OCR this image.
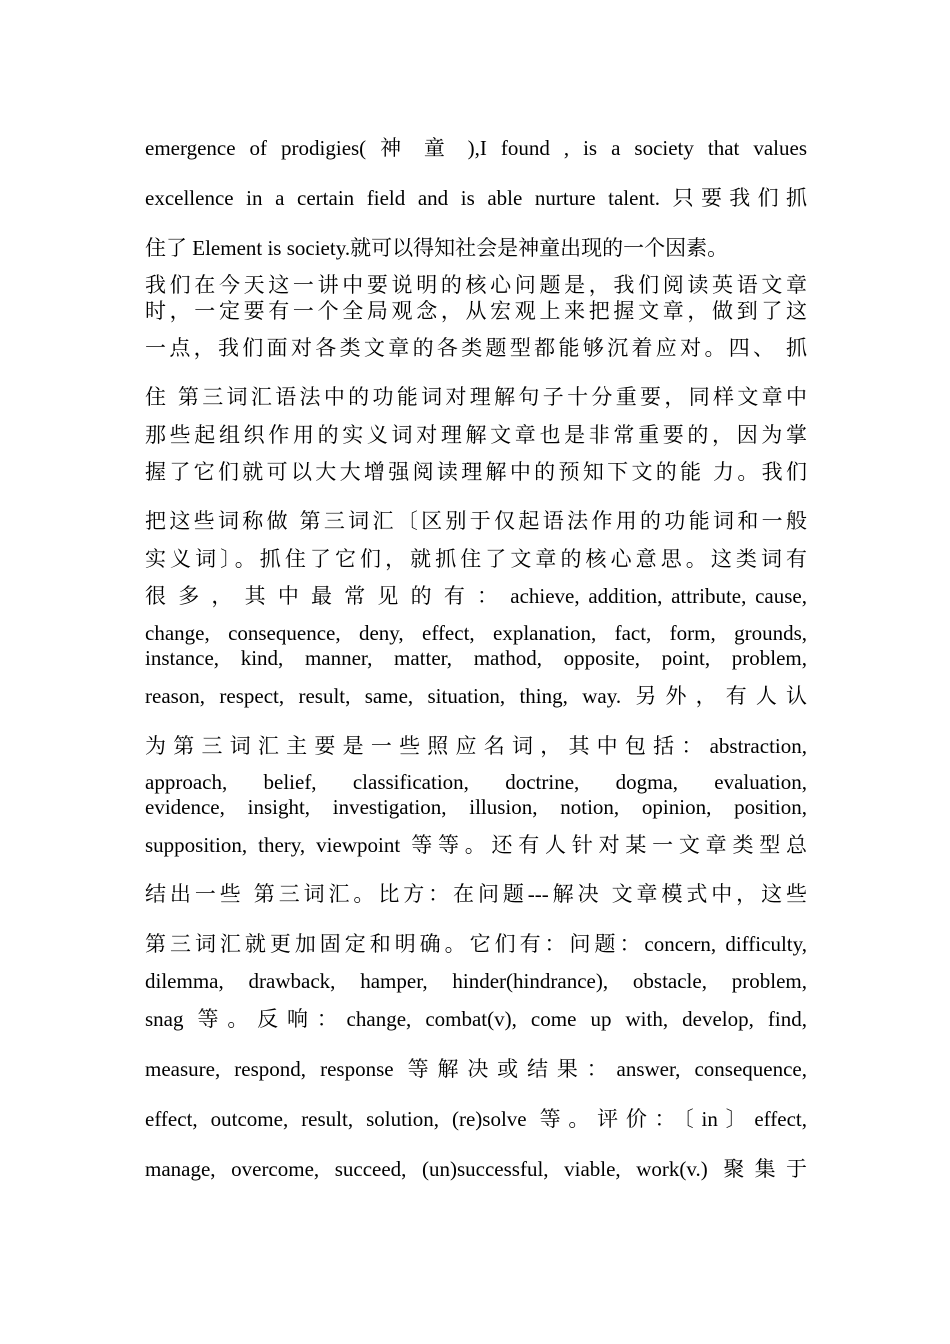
emergence of prodigies( 神 童 ),I found , is a society that values
excellence in a certain field and is able nurture talent. 只要我们抓
住了 Element is society.就可以得知社会是神童出现的一个因素。
我们在今天这一讲中要说明的核心问题是，我们阅读英语文章
时，一定要有一个全局观念，从宏观上来把握文章，做到了这
一点，我们面对各类文章的各类题型都能够沉着应对。四、 抓
住 第三词汇语法中的功能词对理解句子十分重要，同样文章中
那些起组织作用的实义词对理解文章也是非常重要的，因为掌
握了它们就可以大大增强阅读理解中的预知下文的能 力。我们
把这些词称做 第三词汇〔区别于仅起语法作用的功能词和一般
实义词〕。抓住了它们，就抓住了文章的核心意思。这类词有
很 多 ， 其 中 最 常 见 的 有 ： achieve, addition, attribute, cause,
change, consequence, deny, effect, explanation, fact, form, grounds,
instance, kind, manner, matter, mathod, opposite, point, problem,
reason, respect, result, same, situation, thing, way. 另外，有人认
为第三词汇主要是一些照应名词，其中包括：abstraction,
approach, belief, classification, doctrine, dogma, evaluation,
evidence, insight, investigation, illusion, notion, opinion, position,
supposition, thery, viewpoint 等等。还有人针对某一文章类型总
结出一些 第三词汇。比方：在问题---解决 文章模式中，这些
第三词汇就更加固定和明确。它们有：问题：concern, difficulty,
dilemma, drawback, hamper, hinder(hindrance), obstacle, problem,
snag 等。反响：change, combat(v), come up with, develop, find,
measure, respond, response 等解决或结果：answer, consequence,
effect, outcome, result, solution, (re)solve 等。评价：〔in〕effect,
manage, overcome, succeed, (un)successful, viable, work(v.) 聚集于
